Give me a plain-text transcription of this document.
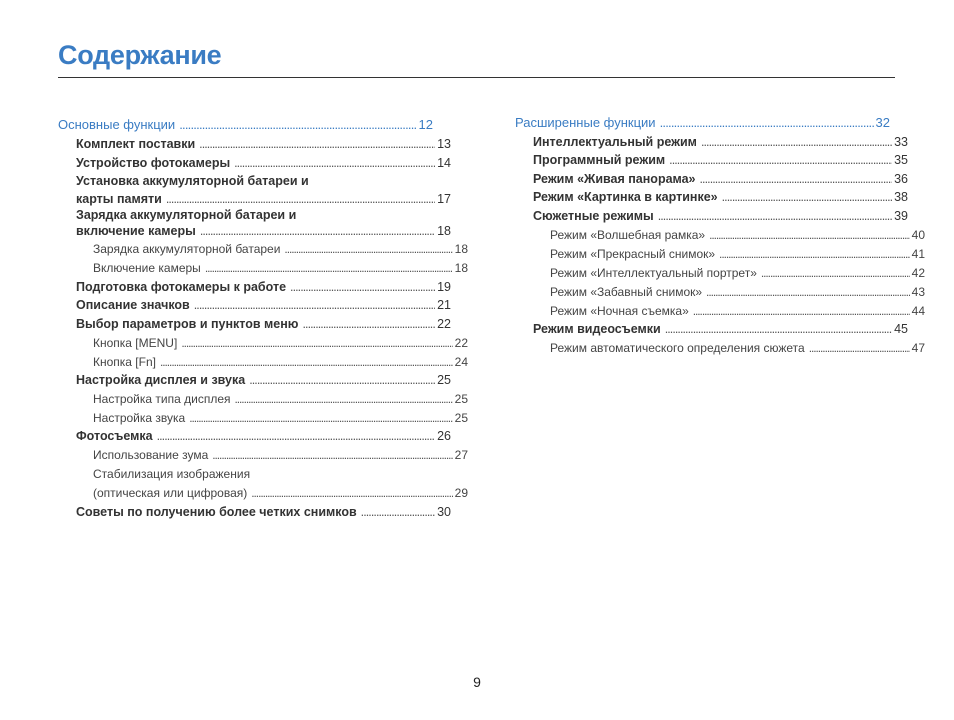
Содержание
Основные функции . . .	12
Комплект поставки . . .	13
Устройство фотокамеры . . .	14
Установка аккумуляторной батареи и
карты памяти . . .	17
Зарядка аккумуляторной батареи и
включение камеры . . .	18
Зарядка аккумуляторной батареи . . .	18
Включение камеры . . .	18
Подготовка фотокамеры к работе . . .	19
Описание значков . . .	21
Выбор параметров и пунктов меню . . .	22
Кнопка [MENU] . . .	22
Кнопка [Fn] . . .	24
Настройка дисплея и звука . . .	25
Настройка типа дисплея . . .	25
Настройка звука . . .	25
Фотосъемка . . .	26
Использование зума . . .	27
Стабилизация изображения
(оптическая или цифровая) . . .	29
Советы по получению более четких снимков . . .	30
Расширенные функции . . .	32
Интеллектуальный режим . . .	33
Программный режим . . .	35
Режим «Живая панорама» . . .	36
Режим «Картинка в картинке» . . .	38
Сюжетные режимы . . .	39
Режим «Волшебная рамка» . . .	40
Режим «Прекрасный снимок» . . .	41
Режим «Интеллектуальный портрет» . . .	42
Режим «Забавный снимок» . . .	43
Режим «Ночная съемка» . . .	44
Режим видеосъемки . . .	45
Режим автоматического определения сюжета . . .	47
9
